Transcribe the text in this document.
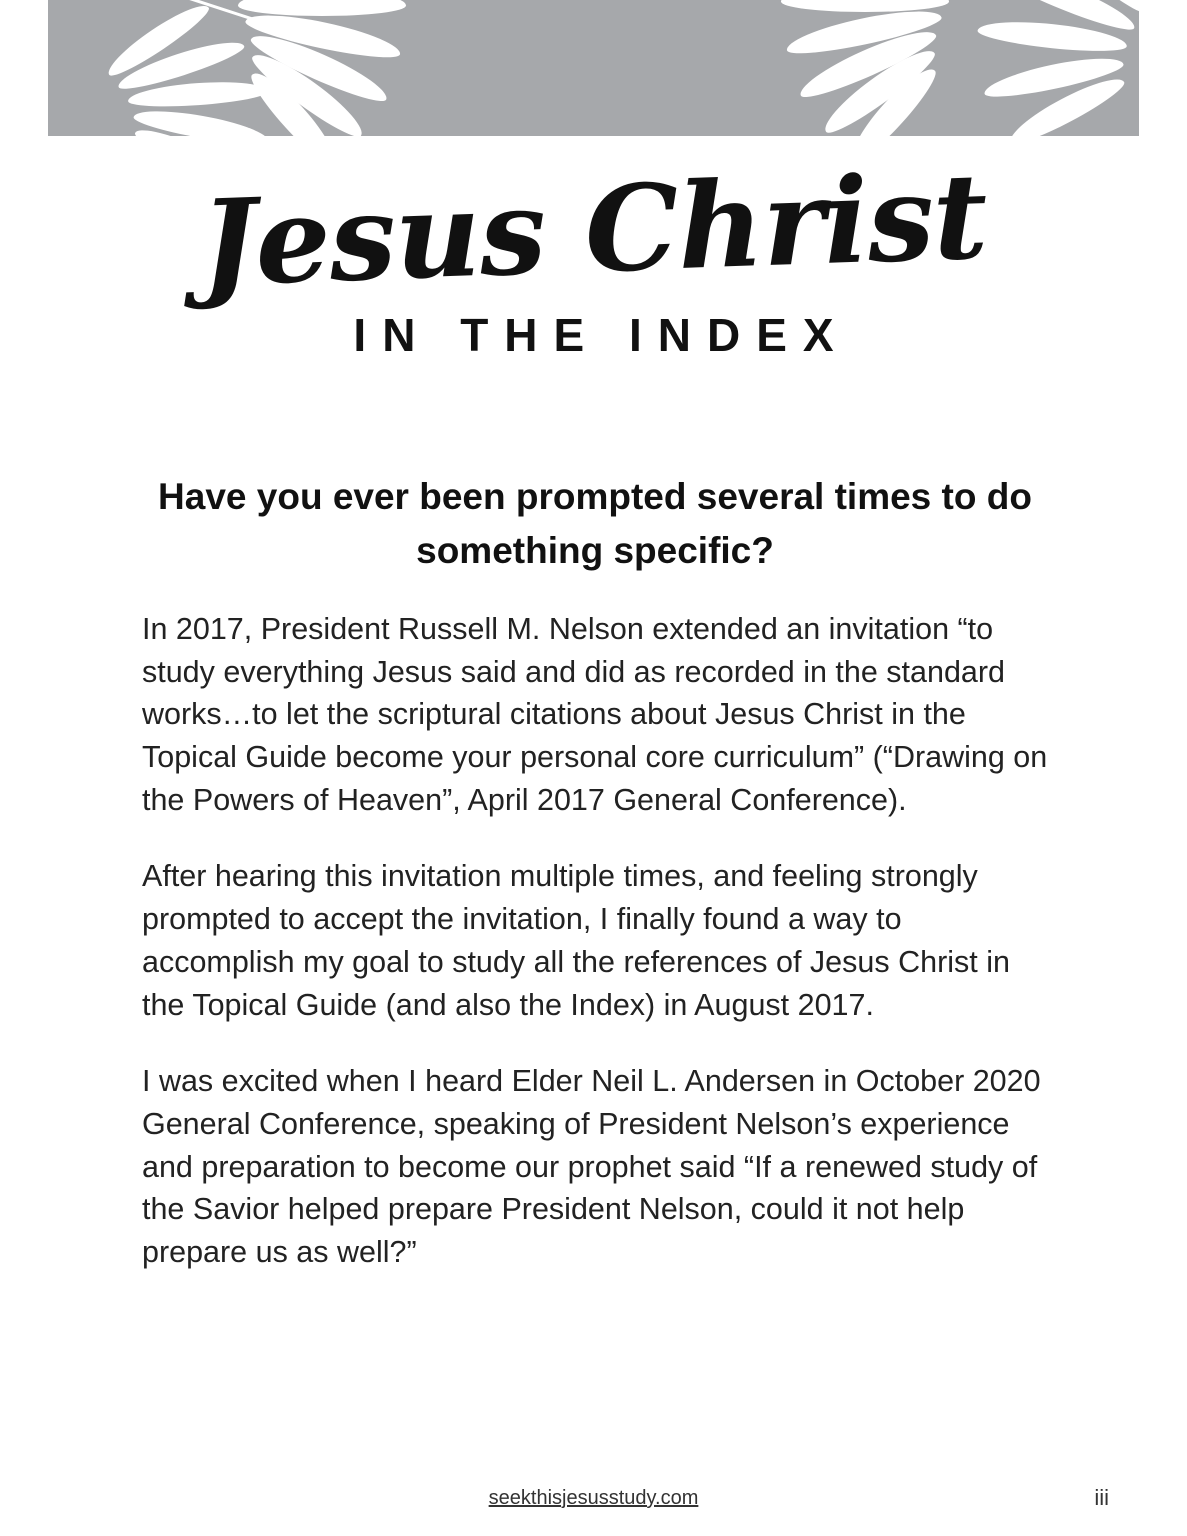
Jesus Christ
IN THE INDEX
Have you ever been prompted several times to do something specific?

In 2017, President Russell M. Nelson extended an invitation “to study everything Jesus said and did as recorded in the standard works…to let the scriptural citations about Jesus Christ in the Topical Guide become your personal core curriculum” (“Drawing on the Powers of Heaven”, April 2017 General Conference).

After hearing this invitation multiple times, and feeling strongly prompted to accept the invitation, I finally found a way to accomplish my goal to study all the references of Jesus Christ in the Topical Guide (and also the Index) in August 2017.

I was excited when I heard Elder Neil L. Andersen in October 2020 General Conference, speaking of President Nelson’s experience and preparation to become our prophet said “If a renewed study of the Savior helped prepare President Nelson, could it not help prepare us as well?”

seekthisjesusstudy.com	iii
